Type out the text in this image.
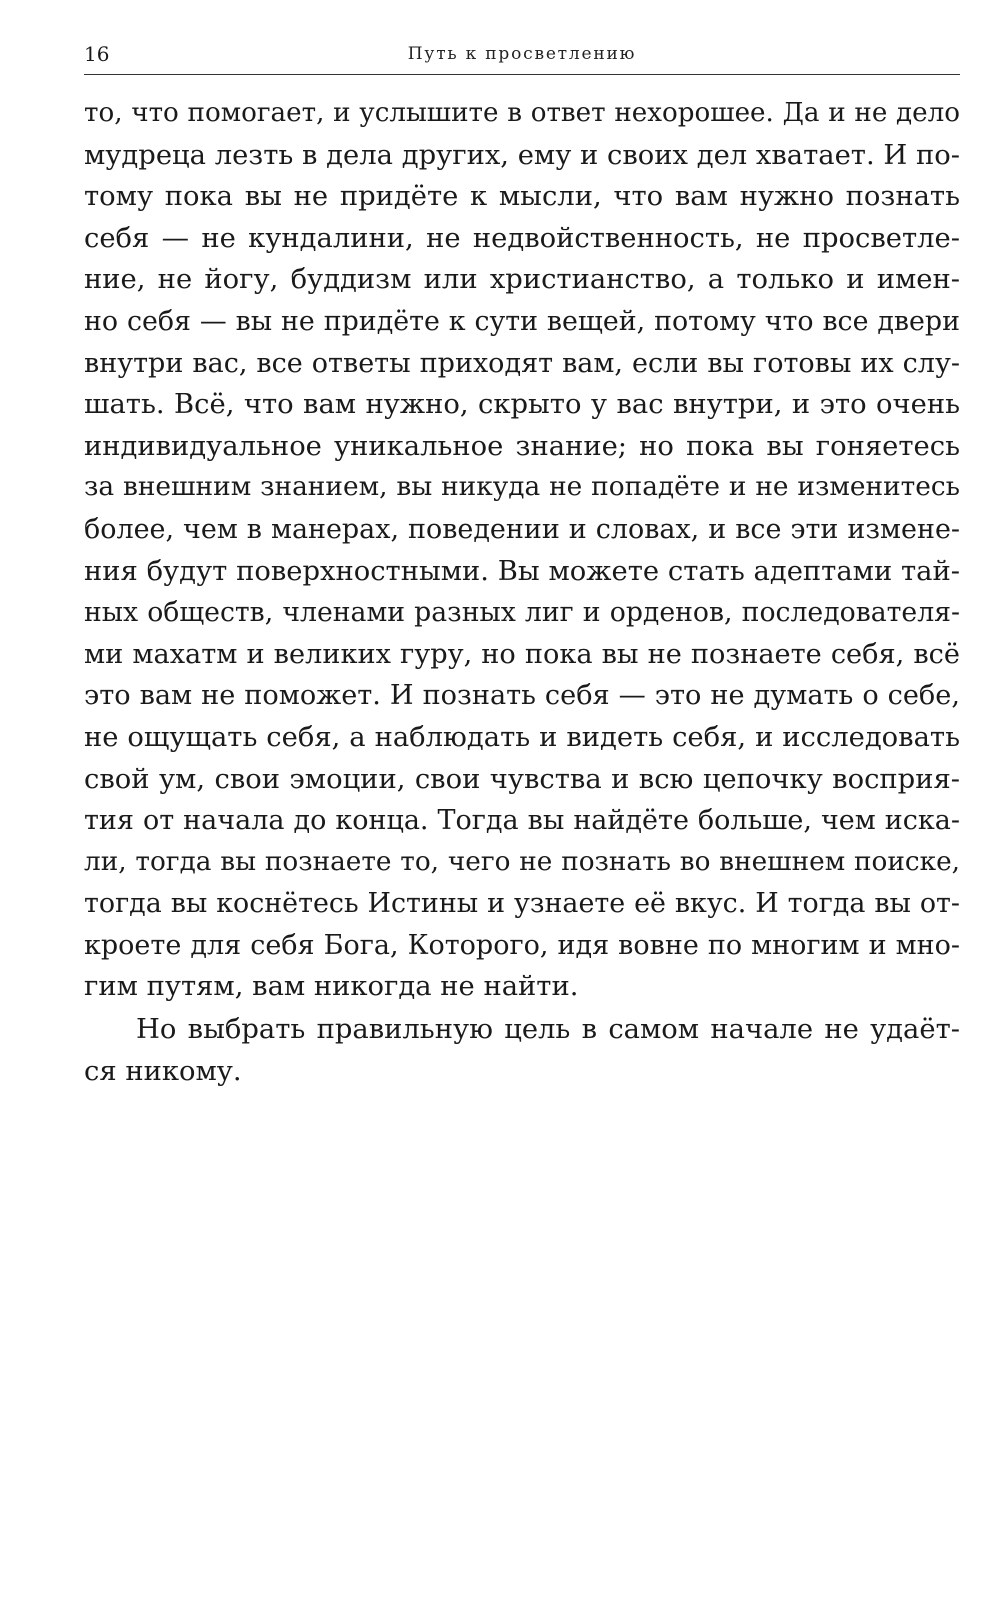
16	Путь к просветлению
то, что помогает, и услышите в ответ нехорошее. Да и не дело
мудреца лезть в дела других, ему и своих дел хватает. И по-
тому пока вы не придёте к мысли, что вам нужно познать
себя — не кундалини, не недвойственность, не просветле-
ние, не йогу, буддизм или христианство, а только и имен-
но себя — вы не придёте к сути вещей, потому что все двери
внутри вас, все ответы приходят вам, если вы готовы их слу-
шать. Всё, что вам нужно, скрыто у вас внутри, и это очень
индивидуальное уникальное знание; но пока вы гоняетесь
за внешним знанием, вы никуда не попадёте и не изменитесь
более, чем в манерах, поведении и словах, и все эти измене-
ния будут поверхностными. Вы можете стать адептами тай-
ных обществ, членами разных лиг и орденов, последователя-
ми махатм и великих гуру, но пока вы не познаете себя, всё
это вам не поможет. И познать себя — это не думать о себе,
не ощущать себя, а наблюдать и видеть себя, и исследовать
свой ум, свои эмоции, свои чувства и всю цепочку восприя-
тия от начала до конца. Тогда вы найдёте больше, чем иска-
ли, тогда вы познаете то, чего не познать во внешнем поиске,
тогда вы коснётесь Истины и узнаете её вкус. И тогда вы от-
кроете для себя Бога, Которого, идя вовне по многим и мно-
гим путям, вам никогда не найти.
Но выбрать правильную цель в самом начале не удаёт-
ся никому.
